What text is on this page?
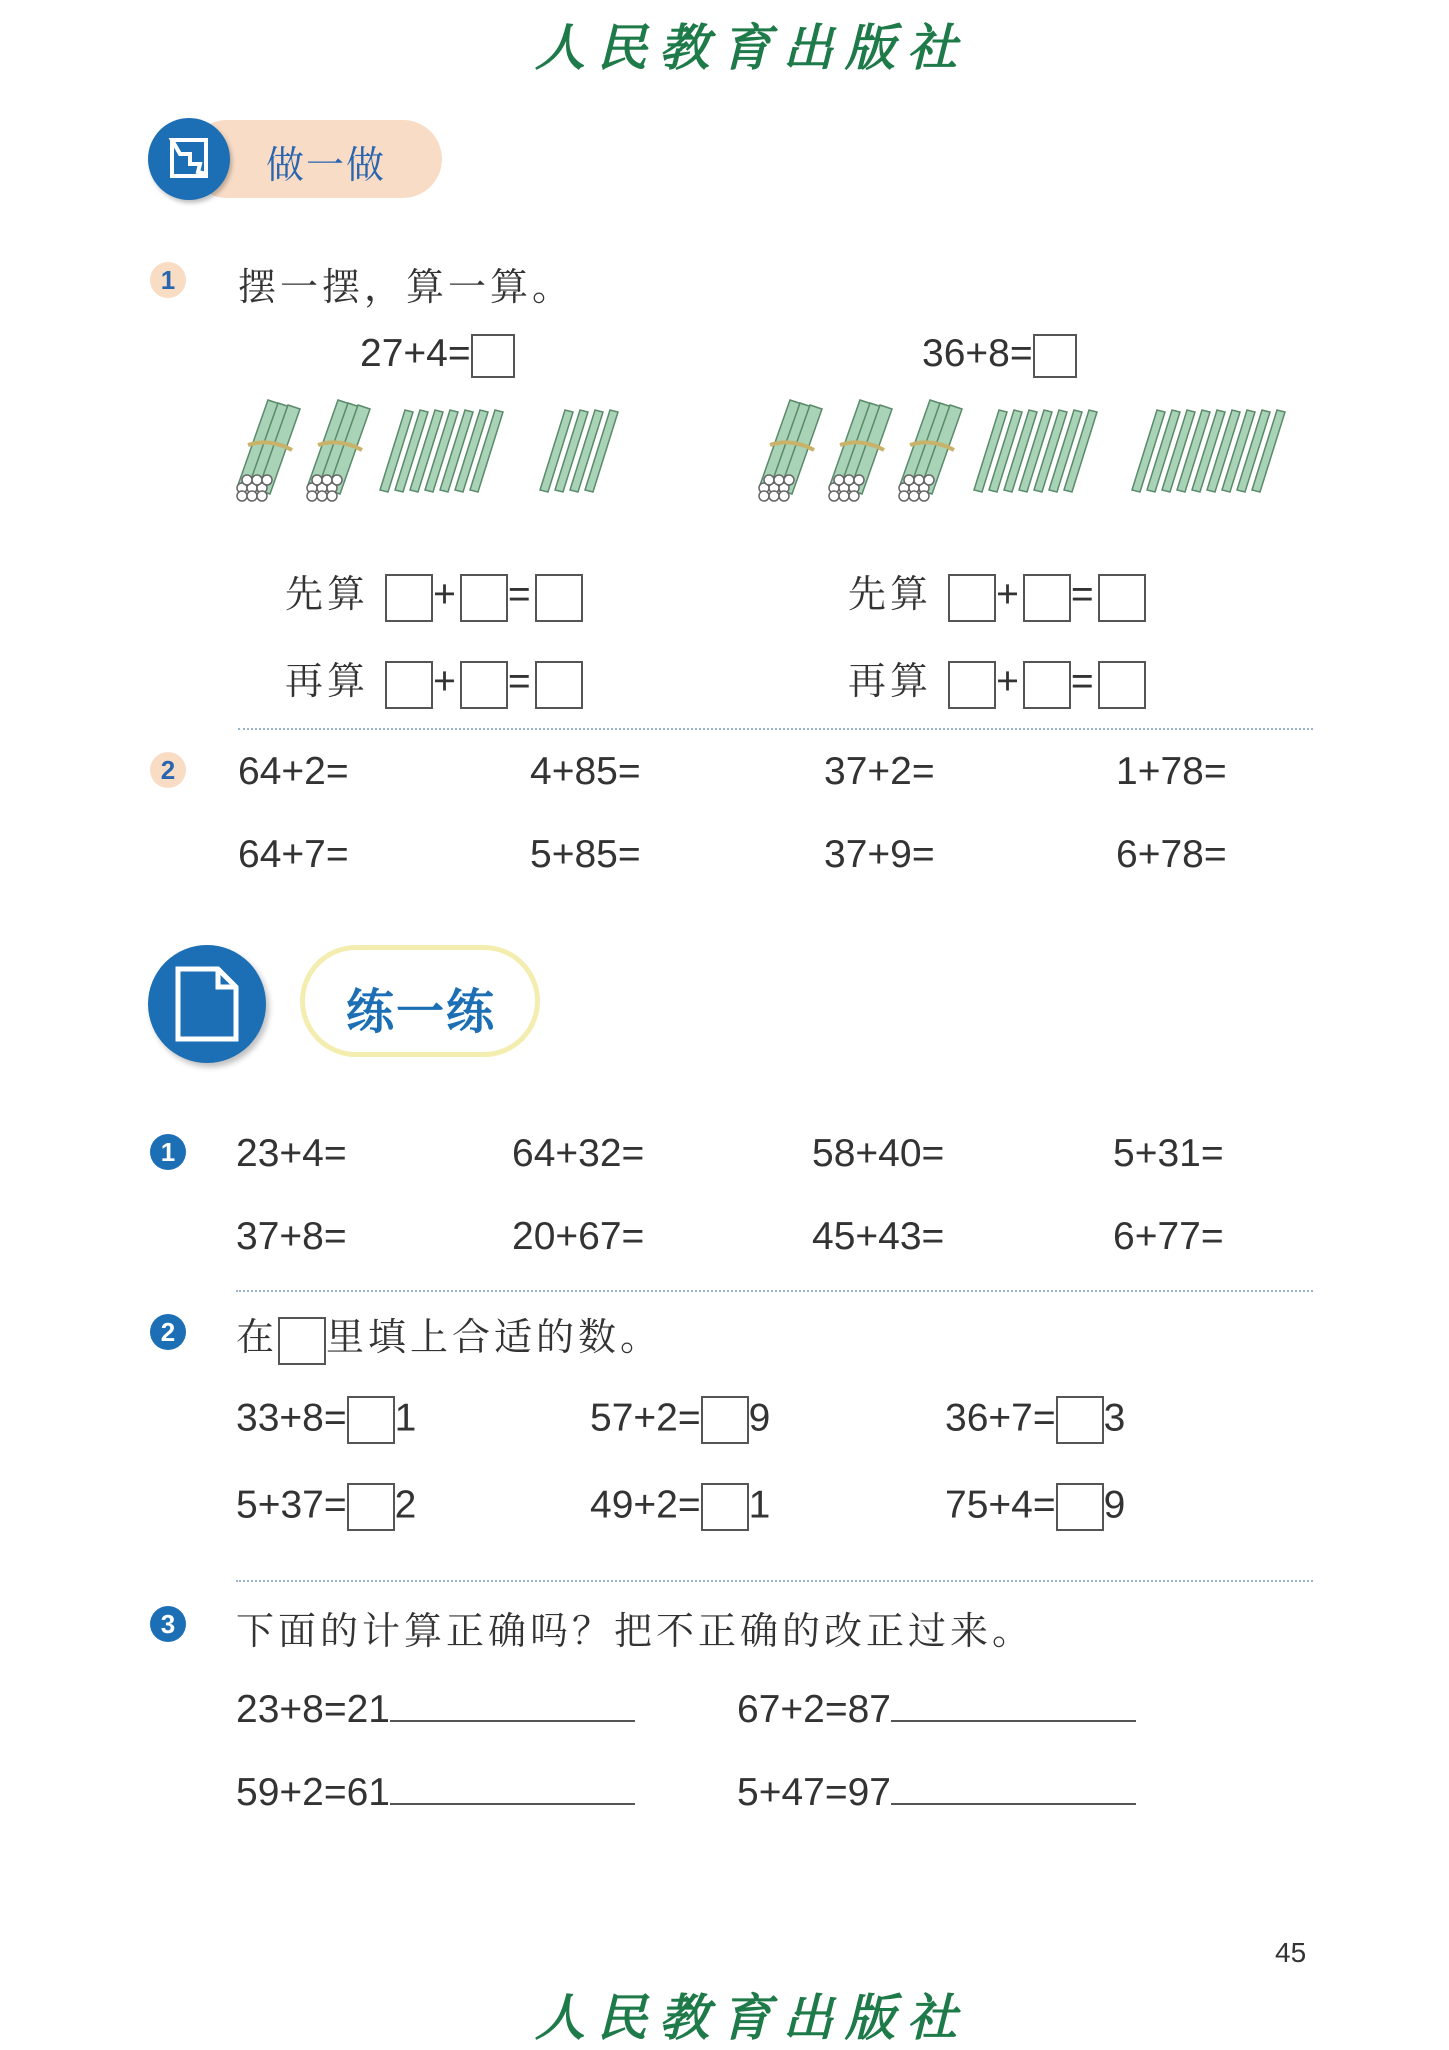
人民教育出版社
做一做
1 摆一摆，算一算。
27+4=	36+8=
先算 + =	先算 + =
再算 + =	再算 + =
2 64+2=	4+85=	37+2=	1+78=
64+7=	5+85=	37+9=	6+78=
练一练
1 23+4=	64+32=	58+40=	5+31=
37+8=	20+67=	45+43=	6+77=
2 在 里填上合适的数。
33+8= 1	57+2= 9	36+7= 3
5+37= 2	49+2= 1	75+4= 9
3 下面的计算正确吗？把不正确的改正过来。
23+8=21	67+2=87
59+2=61	5+47=97
45
人民教育出版社
